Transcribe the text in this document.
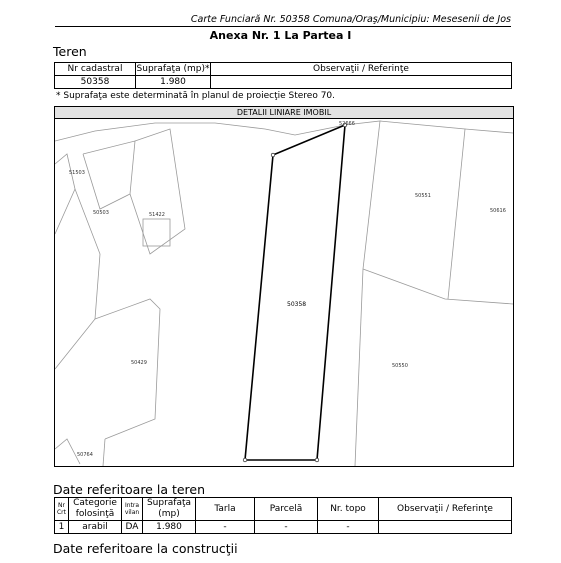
Carte Funciară Nr. 50358 Comuna/Oraş/Municipiu: Mesesenii de Jos
Anexa Nr. 1 La Partea I
Teren
Nr cadastral	Suprafaţa (mp)*	Observaţii / Referinţe
50358	1.980	
* Suprafaţa este determinată în planul de proiecţie Stereo 70.
DETALII LINIARE IMOBIL
52666
50358
51503
50503	51422
50551
50616
50429	50550
50764
Date referitoare la teren
Nr Crt	Categorie folosinţă	Intra vilan	Suprafaţa (mp)	Tarla	Parcelă	Nr. topo	Observaţii / Referinţe
1	arabil	DA	1.980	-	-	-	
Date referitoare la construcţii
